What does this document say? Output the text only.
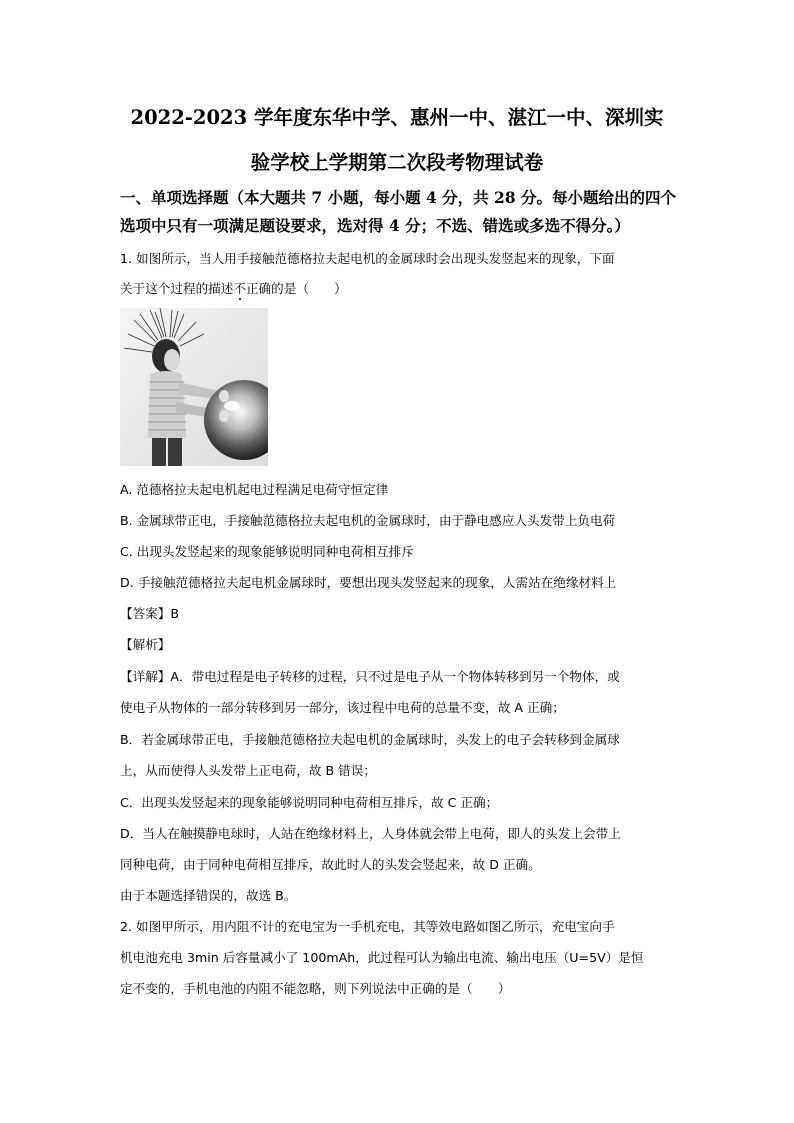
2022-2023 学年度东华中学、惠州一中、湛江一中、深圳实
验学校上学期第二次段考物理试卷
一、单项选择题（本大题共 7 小题，每小题 4 分，共 28 分。每小题给出的四个
选项中只有一项满足题设要求，选对得 4 分；不选、错选或多选不得分。）
1. 如图所示，当人用手接触范德格拉夫起电机的金属球时会出现头发竖起来的现象，下面
关于这个过程的描述不正确的是（　　）
A. 范德格拉夫起电机起电过程满足电荷守恒定律
B. 金属球带正电，手接触范德格拉夫起电机的金属球时，由于静电感应人头发带上负电荷
C. 出现头发竖起来的现象能够说明同种电荷相互排斥
D. 手接触范德格拉夫起电机金属球时，要想出现头发竖起来的现象，人需站在绝缘材料上
【答案】B
【解析】
【详解】A．带电过程是电子转移的过程，只不过是电子从一个物体转移到另一个物体，或
使电子从物体的一部分转移到另一部分，该过程中电荷的总量不变，故 A 正确；
B．若金属球带正电，手接触范德格拉夫起电机的金属球时，头发上的电子会转移到金属球
上，从而使得人头发带上正电荷，故 B 错误；
C．出现头发竖起来的现象能够说明同种电荷相互排斥，故 C 正确；
D．当人在触摸静电球时，人站在绝缘材料上，人身体就会带上电荷，即人的头发上会带上
同种电荷，由于同种电荷相互排斥，故此时人的头发会竖起来，故 D 正确。
由于本题选择错误的，故选 B。
2. 如图甲所示，用内阻不计的充电宝为一手机充电，其等效电路如图乙所示，充电宝向手
机电池充电 3min 后容量减小了 100mAh，此过程可认为输出电流、输出电压（U=5V）是恒
定不变的，手机电池的内阻不能忽略，则下列说法中正确的是（　　）
